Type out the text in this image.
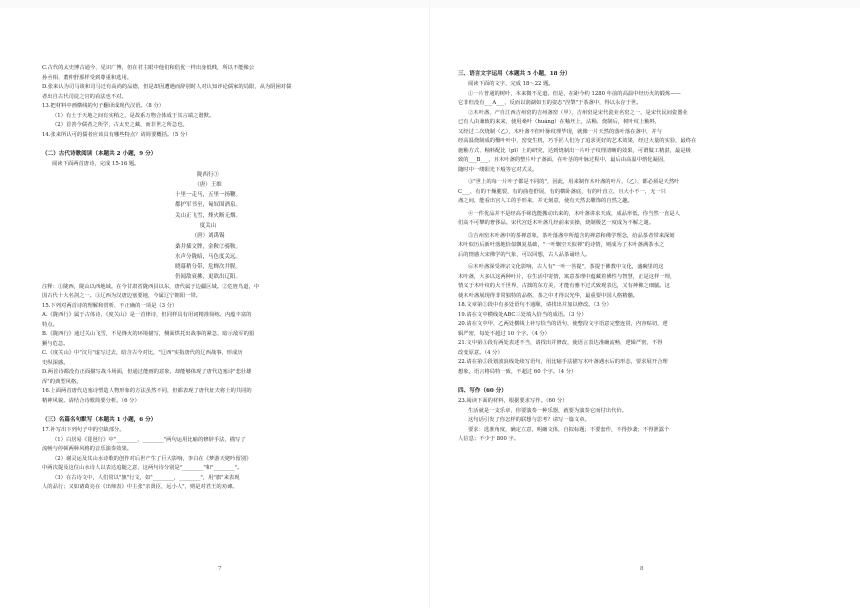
C.古代的太史博古通今，见识广博，但在君主眼中他们和倡优一样出身低贱，所以不能像公

孙丞相、董仲舒那样受到尊重和选用。

D.张来认为司马谈和司马迁有高尚的品德，但是却因遭遇而辞别时人对认知评论儒家的局限，从为阴困对儒

者出自古代司徒之官的看法也不对。

13.把材料中画横线的句子翻译成现代汉语。（8 分）

（1）有士于天地之间有实稍之，是故系万物合体成于其言端之谐默。

（2）首善今儒者之所学，古太史之藏，而非世之所急也。

14.张来所认可的儒者应该具有哪些特点？请简要概括。（5 分）

（二）古代诗歌阅读（本题共 2 小题，9 分）

阅读下面两首唐诗，完成 15-16 题。

陇西行①

（唐）王维

十里一走马，五里一扬鞭。

都护军书至，匈奴围酒泉。

关山正飞雪，烽火断无烟。

度关山

（唐）刘禹锡

桑井插文牌，金鞍②骑鞍。

水声分陇暗，马色度关远。

晓幕稍分带，危蝉次井腥。

仍闻敌衰拂，更欲出辽阳。

注释：①陇西，陇山以西地域。在今甘肃省陇西县以东，唐代属于边疆区域。②危旌鸟道，中

国古代十大名剑之一。③辽西为汉唐边塞要地，今属辽宁朝阳一带。

15.下列对两首诗的理解和赏析，不正确的一项是（3 分）

A.《陇西行》属于古体诗，《度关山》是一首律诗，但同样具有用词精准简练、内蕴丰富的

特点。

B.《陇西行》通过关山飞雪，不见烽火的环境描写，侧面烘托出战事的紧急，暗示敌军的猖

獗与危急。

C.《度关山》中"汉月"虚写过去，暗含古今对比，"辽西"实指唐代的辽西战事，形成历

史纵深感。

D.两首诗都没有正面描写战斗场面，但通过能画的意象，却能够体现了唐代边塞诗"悲壮雄

浑"的典型风格。

16.上面两首唐代边塞诗塑造人物形象的方法虽然不同，但都表现了唐代征夫将士的共同的

精神风貌。请结合诗歌简要分析。（6 分）

（三）名篇名句默写（本题共 1 小题，6 分）

17.补写出下列句子中的空缺部分。

（1）白居易《琵琶行》中"________，________"两句运用比喻的修辞手法，描写了

流畅与停顿两种风格的音乐演奏效果。

（2）谢灵运及其山水诗歌的创作对后世产生了巨大影响，李白在《梦游天姥吟留别》

中两次提及这位山水诗人以表达追随之意，这两句诗分别是"________"和"________"。

（3）在古诗文中，人们常以"旗"行文，如"________，________"，用"旗"来表现

人的品行；又如诸葛亮在《出师表》中主张"亲贤臣，远小人"，则是对君王的劝谏。

7

三、语言文字运用（本题共 5 小题，18 分）

阅读下面的文字，完成 18～22 题。

①一片普通的树叶，本来微不足道。但是，在距今约 1280 年前的高温中经历火的锻炼——

它非但没有___A___，反而以润湖如玉的姿态"涅槃"于茶盏中，得以永存于世。

②木叶盏，产自江西吉州窑的吉州盏窑（甲），吉州窑是宋代瓷业名窑之一，是宋代民间瓷器业

已有人由兼致的来来，使用桑叶（huáng）在釉坯上，沾釉、烧制后，树叶纹上釉料，

又经过二次烧制（乙），木叶盏不但叶脉纹理毕现，就像一片天然的落叶落在盏中，并与

经高温烧制成的鑿叶叶中，窑变生机，巧手匠人们为了追求更好的艺术效果，经过大量的实验，最终在

施釉方式、釉料配比（pī）上的研究，达到烧制出一片叶子纹理清晰的效果，可谓做工精湛，最是极

致的___B___，且木叶盏的整片叶子盏面，在叶茎的叶脉过程中，最后由高温中熔化凝固，

随时中一缕阳光下般等它对式灵。

③"世上的每一片叶子都是不同的"，因此，用来制作木叶盏的叶片，（乙），都必须是天然叶

C___，有的干燥脆裂，有的曲卷舒展，有的横卧盏底，有的叶直立，且大小不一，无一只

盏之间，能看出宫人工的手形来，并无刻意，使有天然去雕饰的自然之趣。

④一件优品并不是经高手筛选能搬动出来的，木叶盏讲求天成，成品率低，你当然一直是人

们高不可攀的奢侈品。宋代宫廷木叶盏几经前来实操，烧制极艺一度成为不解之谜。

⑤吉州窑木叶盏中的茶禅意象，茶叶落盏中所蕴含的禅意和佛学理念，给品茶者带来深刻

木叶似历后新叶落地恰似飘复基础，"一叶飘空天似禅"的诗情，则成为了木叶盏满茶水之

后的情感大宋佛学的气象，可以回想，古人品茶诵经人。

⑥木叶盏深受禅宗文化影响，古人有"一叶一菩提"，茶提于佛教中文化，盛碗里的这

木叶盏，大多以这两种叶片，在生活中寄情，寓意茶理中蕴藏着佛性与智慧，正是这样一理，

情义于木叶纹的大千世界，古拙的东方美，才能有雅不过式致观表达，又有神佛之细腻。这

使木叶盏展现得非常独特的品格，茶之中才得以光华，最重要中国人格精髓。

18.文章第①段中有多处语句不通顺，请找出并加以修改。（3 分）

19.请在文中横线处ABC三处填入恰当的成语。（3 分）

20.请在文中甲、乙两处横线上补写恰当的语句，使整段文字语意完整连贯，内容贴切，逻

辑严密，每处不超过 10 个字。（4 分）

21.文中第③段有两处表述不当，请找出并修改，使语言表达准确流畅，逻辑严密，不得

改变原意。（4 分）

22.请在第⑤段划波浪线处续写语句，用比喻手法描写木叶盏遇水后的形态，要求展开合理

想象，语言格局特一致，不超过 60 个字。（4 分）

四、写作（60 分）

23.阅读下面的材料，根据要求写作。（60 分）

生活就是一支乐章，你要演奏一种乐器，就要为演奏它而付出代价。

这句话引发了你怎样的联想与思考？请写一篇文章。

要求：选准角度，确定立意，明确文体，自拟标题；不要套作，不得抄袭；不得泄露个

人信息；不少于 800 字。

8
